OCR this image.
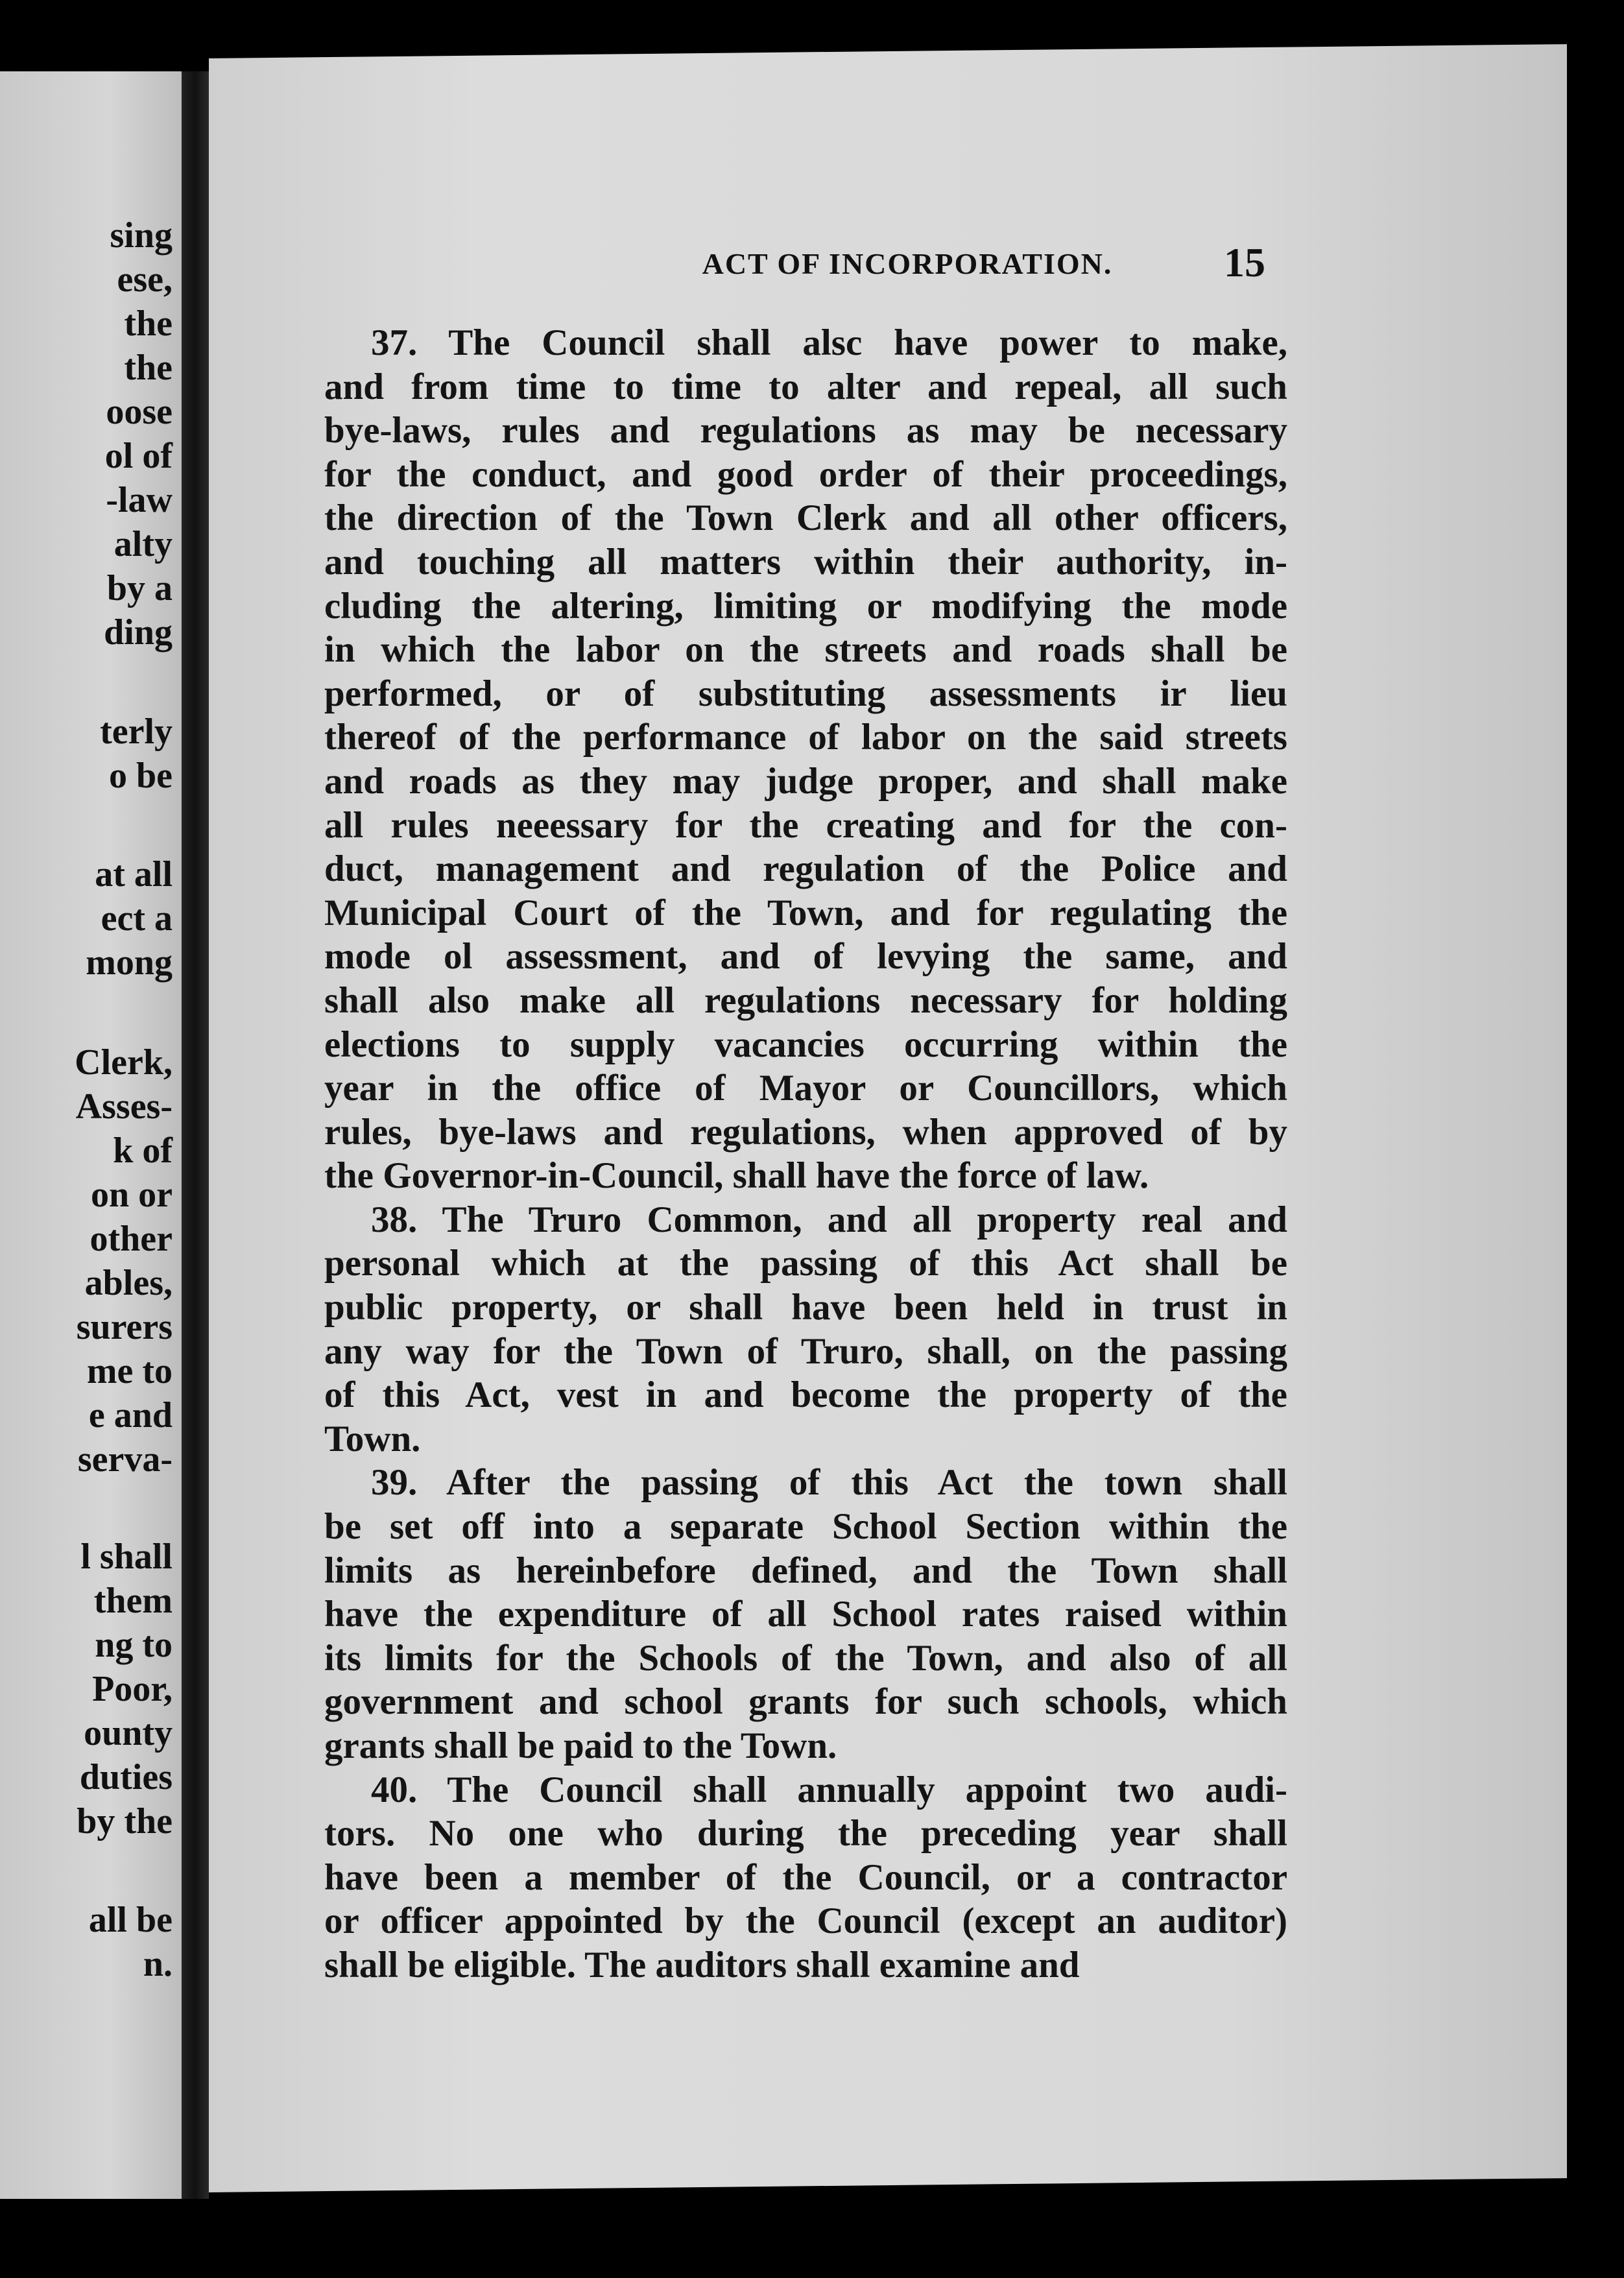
sing
ese,
the
the
oose
ol of
-law
alty
by a
ding
terly
o be
at all
ect a
mong
Clerk,
Asses-
k of
on or
other
ables,
surers
me to
e and
serva-
l shall
them
ng to
Poor,
ounty
duties
by the
all be
n.
ACT OF INCORPORATION.	15
37. The Council shall alsc have power to make,
and from time to time to alter and repeal, all such
bye-laws, rules and regulations as may be necessary
for the conduct, and good order of their proceedings,
the direction of the Town Clerk and all other officers,
and touching all matters within their authority, in-
cluding the altering, limiting or modifying the mode
in which the labor on the streets and roads shall be
performed, or of substituting assessments ir lieu
thereof of the performance of labor on the said streets
and roads as they may judge proper, and shall make
all rules neeessary for the creating and for the con-
duct, management and regulation of the Police and
Municipal Court of the Town, and for regulating the
mode ol assessment, and of levying the same, and
shall also make all regulations necessary for holding
elections to supply vacancies occurring within the
year in the office of Mayor or Councillors, which
rules, bye-laws and regulations, when approved of by
the Governor-in-Council, shall have the force of law.
38. The Truro Common, and all property real and
personal which at the passing of this Act shall be
public property, or shall have been held in trust in
any way for the Town of Truro, shall, on the passing
of this Act, vest in and become the property of the
Town.
39. After the passing of this Act the town shall
be set off into a separate School Section within the
limits as hereinbefore defined, and the Town shall
have the expenditure of all School rates raised within
its limits for the Schools of the Town, and also of all
government and school grants for such schools, which
grants shall be paid to the Town.
40. The Council shall annually appoint two audi-
tors. No one who during the preceding year shall
have been a member of the Council, or a contractor
or officer appointed by the Council (except an auditor)
shall be eligible. The auditors shall examine and
